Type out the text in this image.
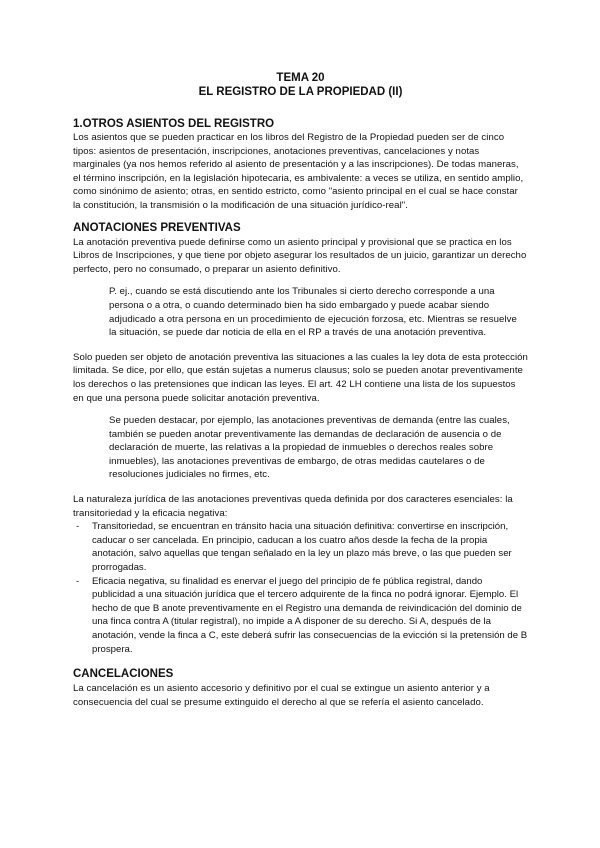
TEMA 20
EL REGISTRO DE LA PROPIEDAD (II)
1.OTROS ASIENTOS DEL REGISTRO

Los asientos que se pueden practicar en los libros del Registro de la Propiedad pueden ser de cinco tipos: asientos de presentación, inscripciones, anotaciones preventivas, cancelaciones y notas marginales (ya nos hemos referido al asiento de presentación y a las inscripciones). De todas maneras, el término inscripción, en la legislación hipotecaria, es ambivalente: a veces se utiliza, en sentido amplio, como sinónimo de asiento; otras, en sentido estricto, como "asiento principal en el cual se hace constar la constitución, la transmisión o la modificación de una situación jurídico-real".

ANOTACIONES PREVENTIVAS

La anotación preventiva puede definirse como un asiento principal y provisional que se practica en los Libros de Inscripciones, y que tiene por objeto asegurar los resultados de un juicio, garantizar un derecho perfecto, pero no consumado, o preparar un asiento definitivo.

P. ej., cuando se está discutiendo ante los Tribunales si cierto derecho corresponde a una persona o a otra, o cuando determinado bien ha sido embargado y puede acabar siendo adjudicado a otra persona en un procedimiento de ejecución forzosa, etc. Mientras se resuelve la situación, se puede dar noticia de ella en el RP a través de una anotación preventiva.

Solo pueden ser objeto de anotación preventiva las situaciones a las cuales la ley dota de esta protección limitada. Se dice, por ello, que están sujetas a numerus clausus; solo se pueden anotar preventivamente los derechos o las pretensiones que indican las leyes. El art. 42 LH contiene una lista de los supuestos en que una persona puede solicitar anotación preventiva.

Se pueden destacar, por ejemplo, las anotaciones preventivas de demanda (entre las cuales, también se pueden anotar preventivamente las demandas de declaración de ausencia o de declaración de muerte, las relativas a la propiedad de inmuebles o derechos reales sobre inmuebles), las anotaciones preventivas de embargo, de otras medidas cautelares o de resoluciones judiciales no firmes, etc.

La naturaleza jurídica de las anotaciones preventivas queda definida por dos caracteres esenciales: la transitoriedad y la eficacia negativa:

- Transitoriedad, se encuentran en tránsito hacia una situación definitiva: convertirse en inscripción, caducar o ser cancelada. En principio, caducan a los cuatro años desde la fecha de la propia anotación, salvo aquellas que tengan señalado en la ley un plazo más breve, o las que pueden ser prorrogadas.
- Eficacia negativa, su finalidad es enervar el juego del principio de fe pública registral, dando publicidad a una situación jurídica que el tercero adquirente de la finca no podrá ignorar. Ejemplo. El hecho de que B anote preventivamente en el Registro una demanda de reivindicación del dominio de una finca contra A (titular registral), no impide a A disponer de su derecho. Si A, después de la anotación, vende la finca a C, este deberá sufrir las consecuencias de la evicción si la pretensión de B prospera.
CANCELACIONES

La cancelación es un asiento accesorio y definitivo por el cual se extingue un asiento anterior y a consecuencia del cual se presume extinguido el derecho al que se refería el asiento cancelado.
